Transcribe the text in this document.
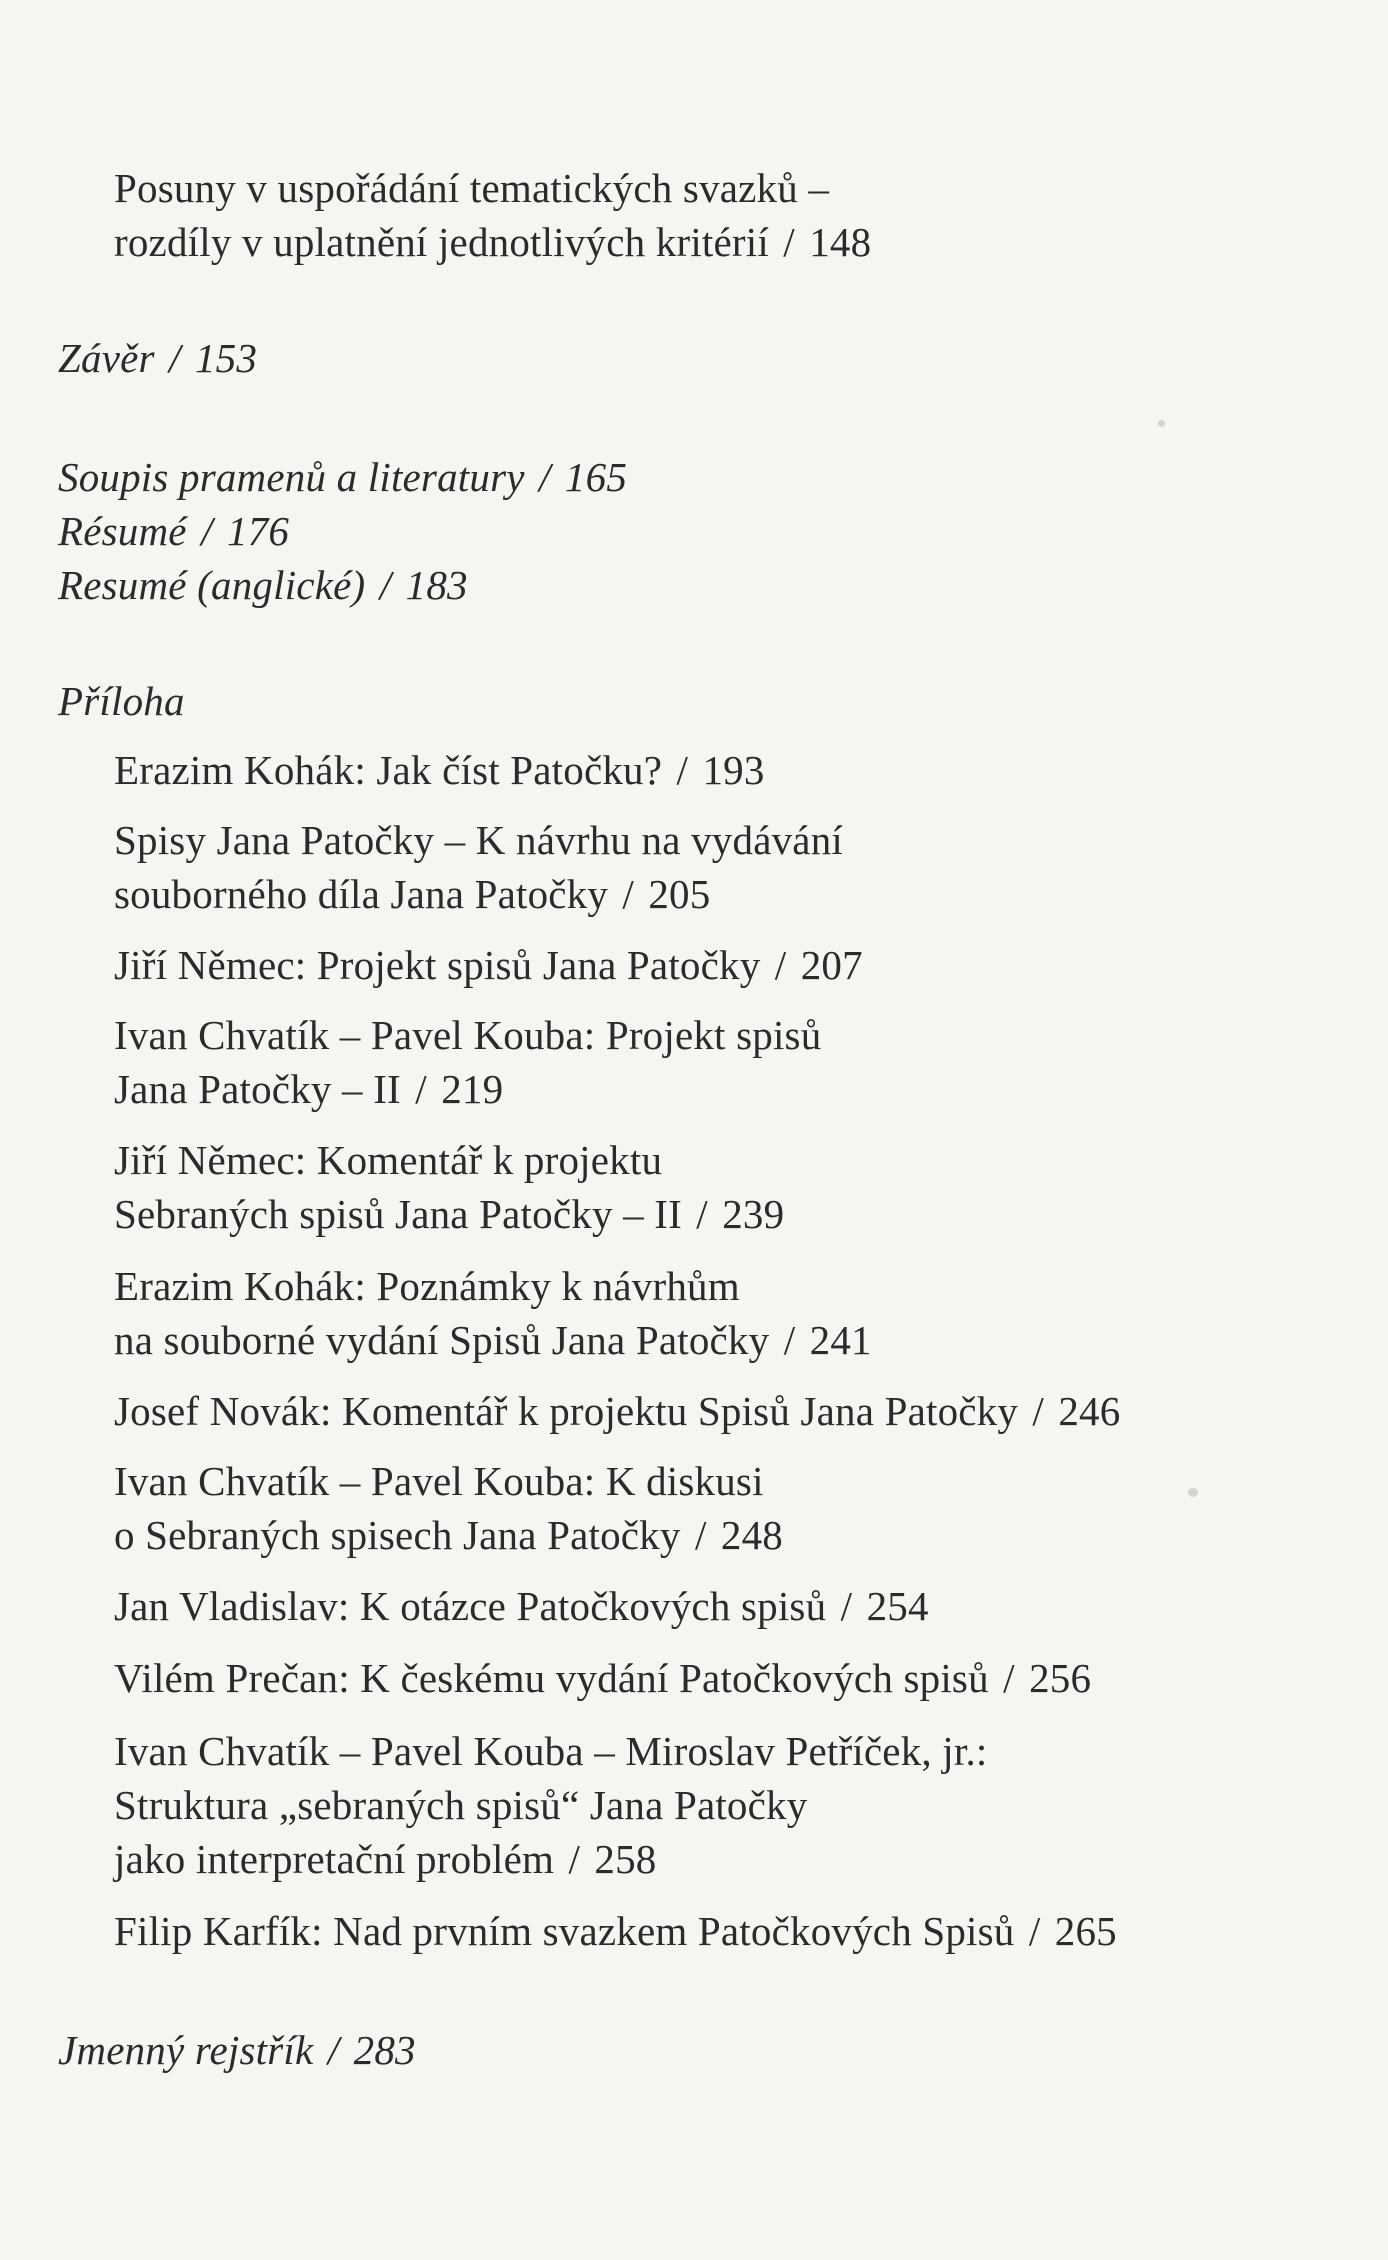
Posuny v uspořádání tematických svazků –
rozdíly v uplatnění jednotlivých kritérií / 148
Závěr / 153
Soupis pramenů a literatury / 165
Résumé / 176
Resumé (anglické) / 183
Příloha
Erazim Kohák: Jak číst Patočku? / 193
Spisy Jana Patočky – K návrhu na vydávání
souborného díla Jana Patočky / 205
Jiří Němec: Projekt spisů Jana Patočky / 207
Ivan Chvatík – Pavel Kouba: Projekt spisů
Jana Patočky – II / 219
Jiří Němec: Komentář k projektu
Sebraných spisů Jana Patočky – II / 239
Erazim Kohák: Poznámky k návrhům
na souborné vydání Spisů Jana Patočky / 241
Josef Novák: Komentář k projektu Spisů Jana Patočky / 246
Ivan Chvatík – Pavel Kouba: K diskusi
o Sebraných spisech Jana Patočky / 248
Jan Vladislav: K otázce Patočkových spisů / 254
Vilém Prečan: K českému vydání Patočkových spisů / 256
Ivan Chvatík – Pavel Kouba – Miroslav Petříček, jr.:
Struktura „sebraných spisů“ Jana Patočky
jako interpretační problém / 258
Filip Karfík: Nad prvním svazkem Patočkových Spisů / 265
Jmenný rejstřík / 283
